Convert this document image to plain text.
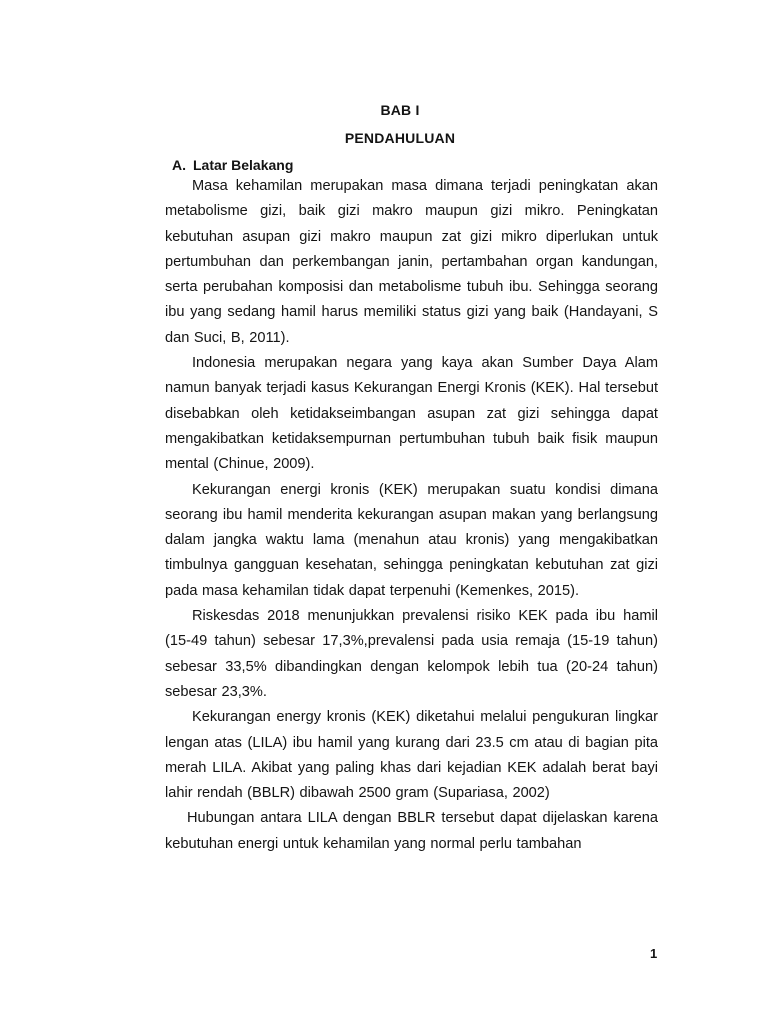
BAB I
PENDAHULUAN
A. Latar Belakang

Masa kehamilan merupakan masa dimana terjadi peningkatan akan metabolisme gizi, baik gizi makro maupun gizi mikro. Peningkatan kebutuhan asupan gizi makro maupun zat gizi mikro diperlukan untuk pertumbuhan dan perkembangan janin, pertambahan organ kandungan, serta perubahan komposisi dan metabolisme tubuh ibu. Sehingga seorang ibu yang sedang hamil harus memiliki status gizi yang baik (Handayani, S dan Suci, B, 2011).

Indonesia merupakan negara yang kaya akan Sumber Daya Alam namun banyak terjadi kasus Kekurangan Energi Kronis (KEK). Hal tersebut disebabkan oleh ketidakseimbangan asupan zat gizi sehingga dapat mengakibatkan ketidaksempurnan pertumbuhan tubuh baik fisik maupun mental (Chinue, 2009).

Kekurangan energi kronis (KEK) merupakan suatu kondisi dimana seorang ibu hamil menderita kekurangan asupan makan yang berlangsung dalam jangka waktu lama (menahun atau kronis) yang mengakibatkan timbulnya gangguan kesehatan, sehingga peningkatan kebutuhan zat gizi pada masa kehamilan tidak dapat terpenuhi (Kemenkes, 2015).

Riskesdas 2018 menunjukkan prevalensi risiko KEK pada ibu hamil (15-49 tahun) sebesar 17,3%,prevalensi pada usia remaja (15-19 tahun) sebesar 33,5% dibandingkan dengan kelompok lebih tua (20-24 tahun) sebesar 23,3%.

Kekurangan energy kronis (KEK) diketahui melalui pengukuran lingkar lengan atas (LILA) ibu hamil yang kurang dari 23.5 cm atau di bagian pita merah LILA. Akibat yang paling khas dari kejadian KEK adalah berat bayi lahir rendah (BBLR) dibawah 2500 gram (Supariasa, 2002)

Hubungan antara LILA dengan BBLR tersebut dapat dijelaskan karena kebutuhan energi untuk kehamilan yang normal perlu tambahan

1
